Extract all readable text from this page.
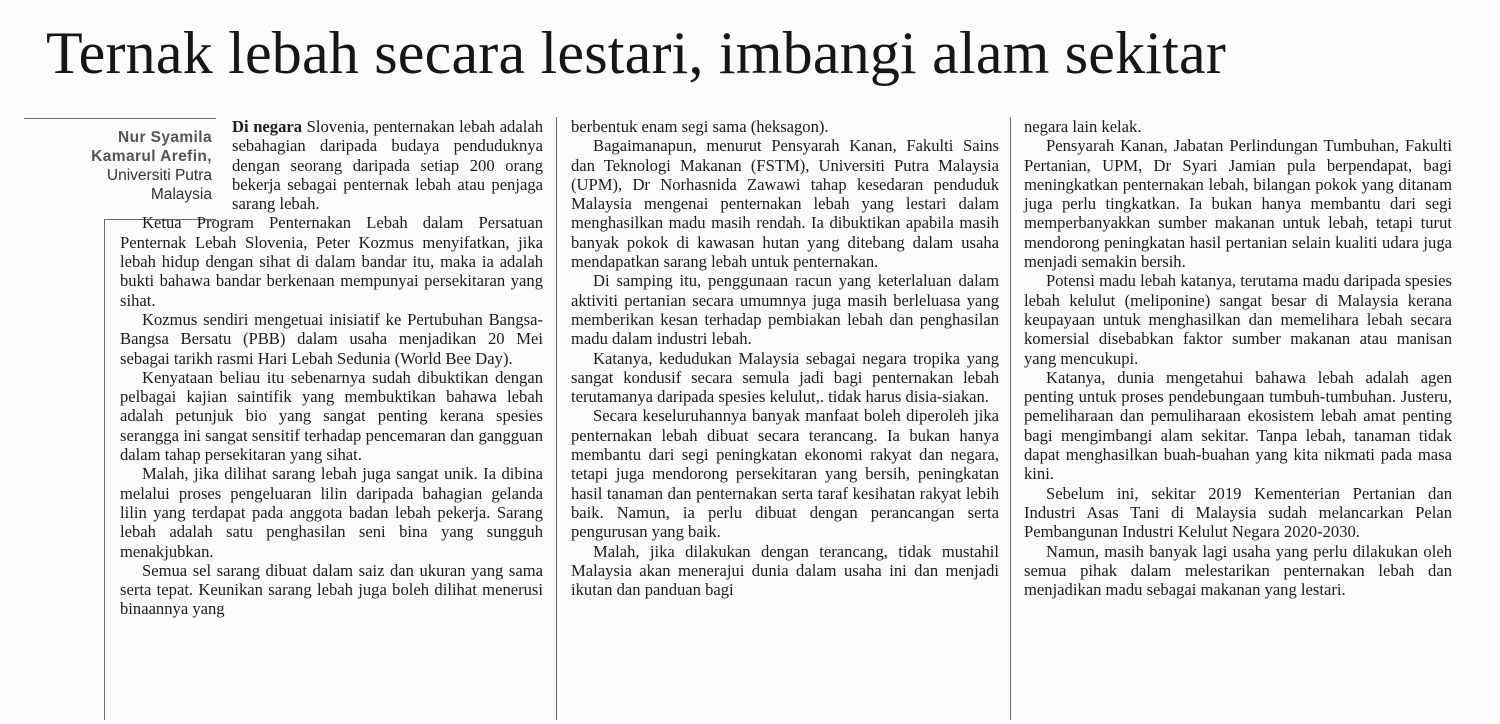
Ternak lebah secara lestari, imbangi alam sekitar
Nur Syamila
Kamarul Arefin,
Universiti Putra
Malaysia

Di negara Slovenia, penternakan lebah adalah sebahagian daripada budaya penduduknya dengan seorang daripada setiap 200 orang bekerja sebagai penternak lebah atau penjaga sarang lebah.

Ketua Program Penternakan Lebah dalam Persatuan Penternak Lebah Slovenia, Peter Kozmus menyifatkan, jika lebah hidup dengan sihat di dalam bandar itu, maka ia adalah bukti bahawa bandar berkenaan mempunyai persekitaran yang sihat.

Kozmus sendiri mengetuai inisiatif ke Pertubuhan Bangsa-Bangsa Bersatu (PBB) dalam usaha menjadikan 20 Mei sebagai tarikh rasmi Hari Lebah Sedunia (World Bee Day).

Kenyataan beliau itu sebenarnya sudah dibuktikan dengan pelbagai kajian saintifik yang membuktikan bahawa lebah adalah petunjuk bio yang sangat penting kerana spesies serangga ini sangat sensitif terhadap pencemaran dan gangguan dalam tahap persekitaran yang sihat.

Malah, jika dilihat sarang lebah juga sangat unik. Ia dibina melalui proses pengeluaran lilin daripada bahagian gelanda lilin yang terdapat pada anggota badan lebah pekerja. Sarang lebah adalah satu penghasilan seni bina yang sungguh menakjubkan.

Semua sel sarang dibuat dalam saiz dan ukuran yang sama serta tepat. Keunikan sarang lebah juga boleh dilihat menerusi binaannya yang

berbentuk enam segi sama (heksagon).

Bagaimanapun, menurut Pensyarah Kanan, Fakulti Sains dan Teknologi Makanan (FSTM), Universiti Putra Malaysia (UPM), Dr Norhasnida Zawawi tahap kesedaran penduduk Malaysia mengenai penternakan lebah yang lestari dalam menghasilkan madu masih rendah. Ia dibuktikan apabila masih banyak pokok di kawasan hutan yang ditebang dalam usaha mendapatkan sarang lebah untuk penternakan.

Di samping itu, penggunaan racun yang keterlaluan dalam aktiviti pertanian secara umumnya juga masih berleluasa yang memberikan kesan terhadap pembiakan lebah dan penghasilan madu dalam industri lebah.

Katanya, kedudukan Malaysia sebagai negara tropika yang sangat kondusif secara semula jadi bagi penternakan lebah terutamanya daripada spesies kelulut,. tidak harus disia-siakan.

Secara keseluruhannya banyak manfaat boleh diperoleh jika penternakan lebah dibuat secara terancang. Ia bukan hanya membantu dari segi peningkatan ekonomi rakyat dan negara, tetapi juga mendorong persekitaran yang bersih, peningkatan hasil tanaman dan penternakan serta taraf kesihatan rakyat lebih baik. Namun, ia perlu dibuat dengan perancangan serta pengurusan yang baik.

Malah, jika dilakukan dengan terancang, tidak mustahil Malaysia akan menerajui dunia dalam usaha ini dan menjadi ikutan dan panduan bagi

negara lain kelak.

Pensyarah Kanan, Jabatan Perlindungan Tumbuhan, Fakulti Pertanian, UPM, Dr Syari Jamian pula berpendapat, bagi meningkatkan penternakan lebah, bilangan pokok yang ditanam juga perlu tingkatkan. Ia bukan hanya membantu dari segi memperbanyakkan sumber makanan untuk lebah, tetapi turut mendorong peningkatan hasil pertanian selain kualiti udara juga menjadi semakin bersih.

Potensi madu lebah katanya, terutama madu daripada spesies lebah kelulut (meliponine) sangat besar di Malaysia kerana keupayaan untuk menghasilkan dan memelihara lebah secara komersial disebabkan faktor sumber makanan atau manisan yang mencukupi.

Katanya, dunia mengetahui bahawa lebah adalah agen penting untuk proses pendebungaan tumbuh-tumbuhan. Justeru, pemeliharaan dan pemuliharaan ekosistem lebah amat penting bagi mengimbangi alam sekitar. Tanpa lebah, tanaman tidak dapat menghasilkan buah-buahan yang kita nikmati pada masa kini.

Sebelum ini, sekitar 2019 Kementerian Pertanian dan Industri Asas Tani di Malaysia sudah melancarkan Pelan Pembangunan Industri Kelulut Negara 2020-2030.

Namun, masih banyak lagi usaha yang perlu dilakukan oleh semua pihak dalam melestarikan penternakan lebah dan menjadikan madu sebagai makanan yang lestari.
